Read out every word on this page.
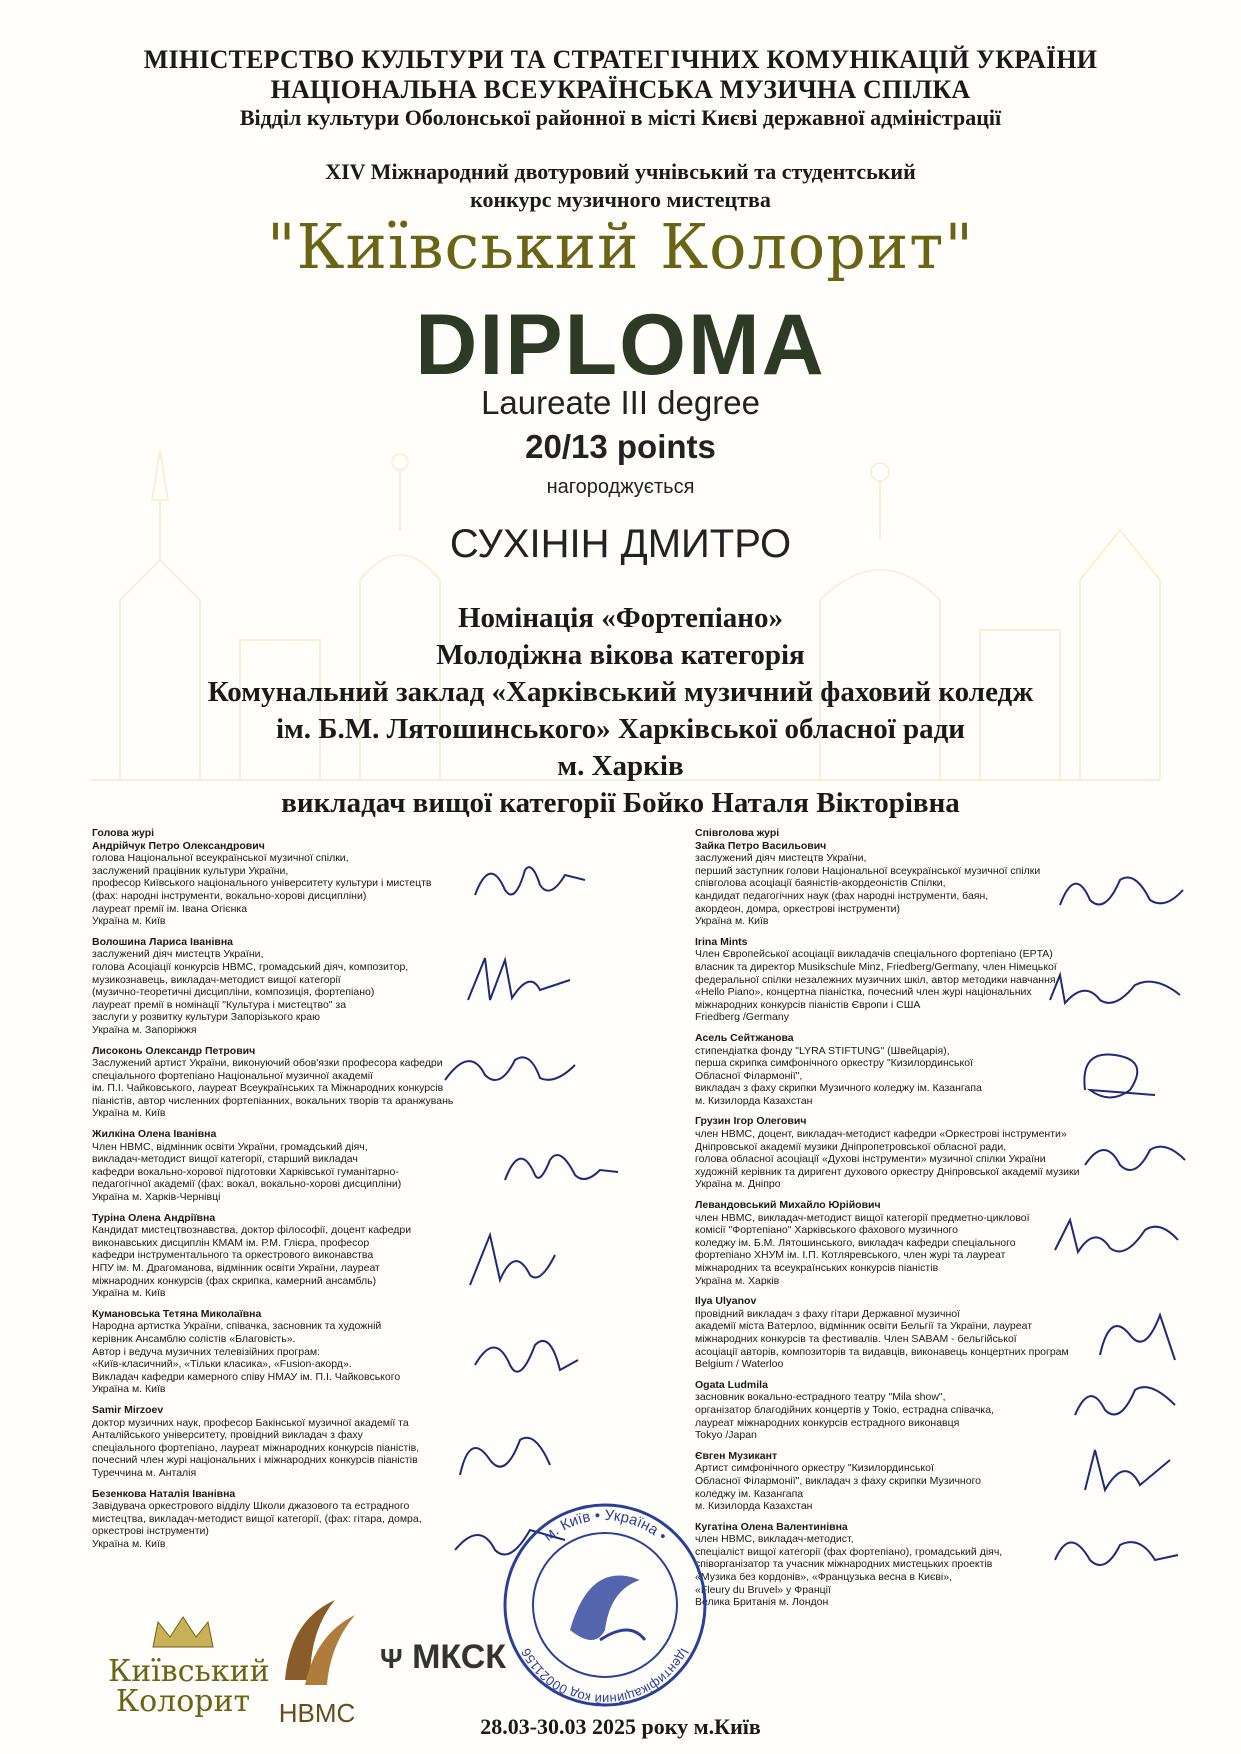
МІНІСТЕРСТВО КУЛЬТУРИ ТА СТРАТЕГІЧНИХ КОМУНІКАЦІЙ УКРАЇНИ
НАЦІОНАЛЬНА ВСЕУКРАЇНСЬКА МУЗИЧНА СПІЛКА
Відділ культури Оболонської районної в місті Києві державної адміністрації
XIV Міжнародний двотуровий учнівський та студентський
конкурс музичного мистецтва
"Київський Колорит"
DIPLOMA
Laureate III degree
20/13 points
нагороджується
СУХІНІН ДМИТРО
Номінація «Фортепіано»
Молодіжна вікова категорія
Комунальний заклад «Харківський музичний фаховий коледж
ім. Б.М. Лятошинського» Харківської обласної ради
м. Харків
викладач вищої категорії Бойко Наталя Вікторівна
Голова журі
Андрійчук Петро Олександрович
голова Національної всеукраїнської музичної спілки,
заслужений працівник культури України,
професор Київського національного університету культури і мистецтв
(фах: народні інструменти, вокально-хорові дисципліни)
лауреат премії ім. Івана Огієнка
Україна м. Київ
Волошина Лариса Іванівна
заслужений діяч мистецтв України,
голова Асоціації конкурсів НВМС, громадський діяч, композитор,
музикознавець, викладач-методист вищої категорії
(музично-теоретичні дисципліни, композиція, фортепіано)
лауреат премії в номінації "Культура і мистецтво" за
заслуги у розвитку культури Запорізького краю
Україна м. Запоріжжя
Лисоконь Олександр Петрович
Заслужений артист України, виконуючий обов'язки професора кафедри
спеціального фортепіано Національної музичної академії
ім. П.І. Чайковського, лауреат Всеукраїнських та Міжнародних конкурсів
піаністів, автор численних фортепіанних, вокальних творів та аранжувань
Україна м. Київ
Жилкіна Олена Іванівна
Член НВМС, відмінник освіти України, громадський діяч,
викладач-методист вищої категорії, старший викладач
кафедри вокально-хорової підготовки Харківської гуманітарно-
педагогічної академії (фах: вокал, вокально-хорові дисципліни)
Україна м. Харків-Чернівці
Туріна Олена Андріївна
Кандидат мистецтвознавства, доктор філософії, доцент кафедри
виконавських дисциплін КМАМ ім. Р.М. Глієра, професор
кафедри інструментального та оркестрового виконавства
НПУ ім. М. Драгоманова, відмінник освіти України, лауреат
міжнародних конкурсів (фах скрипка, камерний ансамбль)
Україна м. Київ
Кумановська Тетяна Миколаївна
Народна артистка України, співачка, засновник та художній
керівник Ансамблю солістів «Благовість».
Автор і ведуча музичних телевізійних програм:
«Київ-класичний», «Тільки класика», «Fusion-акорд».
Викладач кафедри камерного співу НМАУ ім. П.І. Чайковського
Україна м. Київ
Samir Mirzoev
доктор музичних наук, професор Бакінської музичної академії та
Анталійського університету, провідний викладач з фаху
спеціального фортепіано, лауреат міжнародних конкурсів піаністів,
почесний член журі національних і міжнародних конкурсів піаністів
Туреччина м. Анталія
Безенкова Наталія Іванівна
Завідувача оркестрового відділу Школи джазового та естрадного
мистецтва, викладач-методист вищої категорії, (фах: гітара, домра,
оркестрові інструменти)
Україна м. Київ
Співголова журі
Зайка Петро Васильович
заслужений діяч мистецтв України,
перший заступник голови Національної всеукраїнської музичної спілки
співголова асоціації баяністів-акордеоністів Спілки,
кандидат педагогічних наук (фах народні інструменти, баян,
акордеон, домра, оркестрові інструменти)
Україна м. Київ
Irina Mints
Член Європейської асоціації викладачів спеціального фортепіано (EPTA)
власник та директор Musikschule Minz, Friedberg/Germany, член Німецької
федеральної спілки незалежних музичних шкіл, автор методики навчання
«Hello Piano», концертна піаністка, почесний член журі національних
міжнародних конкурсів піаністів Європи і США
Friedberg /Germany
Асель Сейтжанова
стипендіатка фонду "LYRA STIFTUNG" (Швейцарія),
перша скрипка симфонічного оркестру "Кизилординської
Обласної Філармонії",
викладач з фаху скрипки Музичного коледжу ім. Казангапа
м. Кизилорда Казахстан
Грузин Ігор Олегович
член НВМС, доцент, викладач-методист кафедри «Оркестрові інструменти»
Дніпровської академії музики Дніпропетровської обласної ради,
голова обласної асоціації «Духові інструменти» музичної спілки України
художній керівник та диригент духового оркестру Дніпровської академії музики
Україна м. Дніпро
Левандовський Михайло Юрійович
член НВМС, викладач-методист вищої категорії предметно-циклової
комісії "Фортепіано" Харківського фахового музичного
коледжу ім. Б.М. Лятошинського, викладач кафедри спеціального
фортепіано ХНУМ ім. І.П. Котляревського, член журі та лауреат
міжнародних та всеукраїнських конкурсів піаністів
Україна м. Харків
Ilya Ulyanov
провідний викладач з фаху гітари Державної музичної
академії міста Ватерлоо, відмінник освіти Бельгії та України, лауреат
міжнародних конкурсів та фестивалів. Член SABAM - бельгійської
асоціації авторів, композиторів та видавців, виконавець концертних програм
Belgium / Waterloo
Ogata Ludmila
засновник вокально-естрадного театру "Mila show",
організатор благодійних концертів у Токіо, естрадна співачка,
лауреат міжнародних конкурсів естрадного виконавця
Tokyo /Japan
Євген Музикант
Артист симфонічного оркестру "Кизилординської
Обласної Філармонії", викладач з фаху скрипки Музичного
коледжу ім. Казангапа
м. Кизилорда Казахстан
Кугатіна Олена Валентинівна
член НВМС, викладач-методист,
спеціаліст вищої категорії (фах фортепіано), громадський діяч,
співорганізатор та учасник міжнародних мистецьких проектів
«Музика без кордонів», «Французька весна в Києві»,
«Fleury du Bruvel» у Франції
Велика Британія м. Лондон
м. Київ • Україна •
Ідентифікаційний код 00021156
Київський
Колорит	НВМС
Ψ МКСК
28.03-30.03 2025 року м.Київ
